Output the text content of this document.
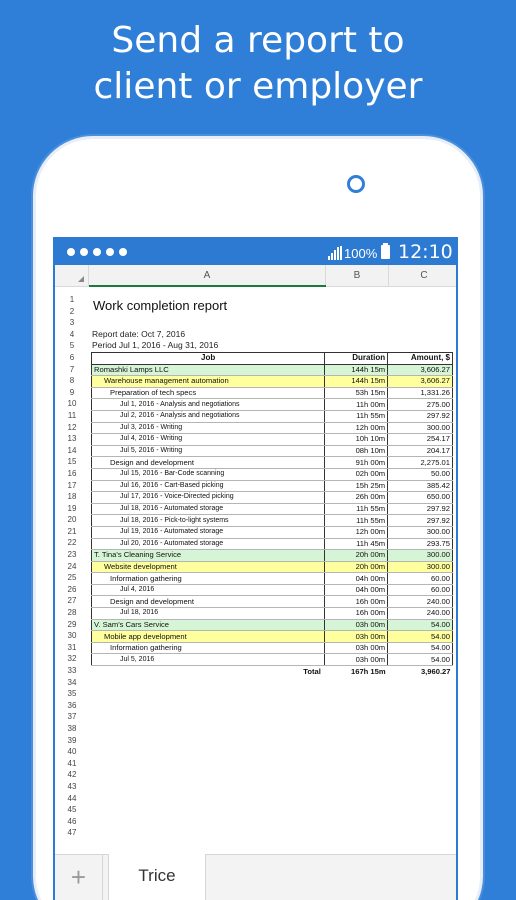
Send a report to
client or employer
100% 12:10
A	B	C
1
2
3
4
5
6
7
8
9
10
11
12
13
14
15
16
17
18
19
20
21
22
23
24
25
26
27
28
29
30
31
32
33
34
35
36
37
38
39
40
41
42
43
44
45
46
47
Work completion report
Report date: Oct 7, 2016
Period Jul 1, 2016 - Aug 31, 2016
Job	Duration	Amount, $
Romashki Lamps LLC	144h 15m	3,606.27
Warehouse management automation	144h 15m	3,606.27
Preparation of tech specs	53h 15m	1,331.26
Jul 1, 2016 - Analysis and negotiations	11h 00m	275.00
Jul 2, 2016 - Analysis and negotiations	11h 55m	297.92
Jul 3, 2016 - Writing	12h 00m	300.00
Jul 4, 2016 - Writing	10h 10m	254.17
Jul 5, 2016 - Writing	08h 10m	204.17
Design and development	91h 00m	2,275.01
Jul 15, 2016 - Bar-Code scanning	02h 00m	50.00
Jul 16, 2016 - Cart-Based picking	15h 25m	385.42
Jul 17, 2016 - Voice-Directed picking	26h 00m	650.00
Jul 18, 2016 - Automated storage	11h 55m	297.92
Jul 18, 2016 - Pick-to-light systems	11h 55m	297.92
Jul 19, 2016 - Automated storage	12h 00m	300.00
Jul 20, 2016 - Automated storage	11h 45m	293.75
T. Tina's Cleaning Service	20h 00m	300.00
Website development	20h 00m	300.00
Information gathering	04h 00m	60.00
Jul 4, 2016	04h 00m	60.00
Design and development	16h 00m	240.00
Jul 18, 2016	16h 00m	240.00
V. Sam's Cars Service	03h 00m	54.00
Mobile app development	03h 00m	54.00
Information gathering	03h 00m	54.00
Jul 5, 2016	03h 00m	54.00
Total	167h 15m	3,960.27
+	Trice
